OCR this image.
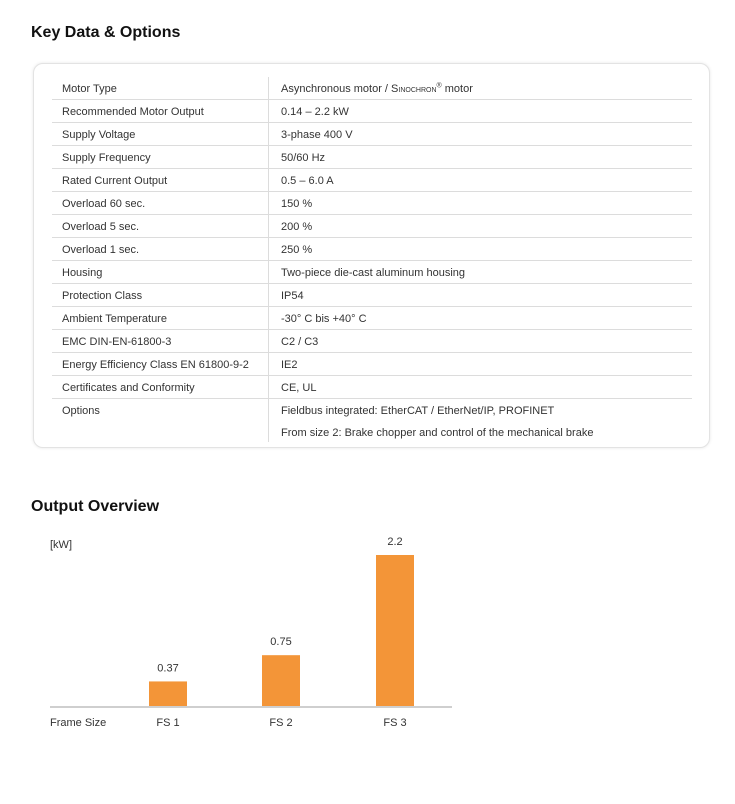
Key Data & Options
Motor Type	Asynchronous motor / Sinochron® motor
Recommended Motor Output	0.14 – 2.2 kW
Supply Voltage	3-phase 400 V
Supply Frequency	50/60 Hz
Rated Current Output	0.5 – 6.0 A
Overload 60 sec.	150 %
Overload 5 sec.	200 %
Overload 1 sec.	250 %
Housing	Two-piece die-cast aluminum housing
Protection Class	IP54
Ambient Temperature	-30° C bis +40° C
EMC DIN-EN-61800-3	C2 / C3
Energy Efficiency Class EN 61800-9-2	IE2
Certificates and Conformity	CE, UL
Options	Fieldbus integrated: EtherCAT / EtherNet/IP, PROFINET
From size 2: Brake chopper and control of the mechanical brake
Output Overview
[kW]
0.37
FS 1
0.75
FS 2
2.2
FS 3
Frame Size
